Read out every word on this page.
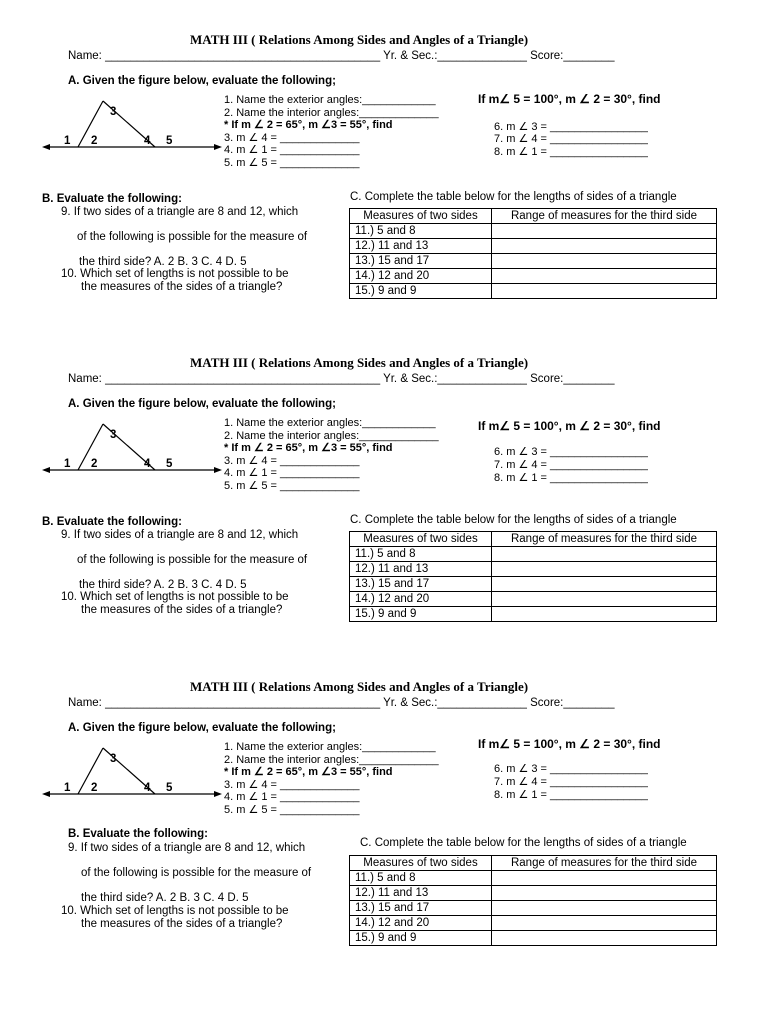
MATH III ( Relations Among Sides and Angles of a Triangle)
Name: ___________________________________________ Yr. & Sec.:______________ Score:________
A. Given the figure below, evaluate the following;
1 2
3
4 5
1. Name the exterior angles:____________
2. Name the interior angles:_____________
* If m ∠ 2 = 65°, m ∠3 = 55°, find
3. m ∠ 4 = _____________
4. m ∠ 1 = _____________
5. m ∠ 5 = _____________
If m∠ 5 = 100°, m ∠ 2 = 30°, find
6. m ∠ 3 = ________________
7. m ∠ 4 = ________________
8. m ∠ 1 = ________________
B. Evaluate the following:
9. If two sides of a triangle are 8 and 12, which
of the following is possible for the measure of
the third side? A. 2 B. 3 C. 4 D. 5
10. Which set of lengths is not possible to be
the measures of the sides of a triangle?
C. Complete the table below for the lengths of sides of a triangle
Measures of two sides	Range of measures for the third side
11.) 5 and 8	
12.) 11 and 13	
13.) 15 and 17	
14.) 12 and 20	
15.) 9 and 9	
MATH III ( Relations Among Sides and Angles of a Triangle)
Name: ___________________________________________ Yr. & Sec.:______________ Score:________
A. Given the figure below, evaluate the following;
1 2
3
4 5
1. Name the exterior angles:____________
2. Name the interior angles:_____________
* If m ∠ 2 = 65°, m ∠3 = 55°, find
3. m ∠ 4 = _____________
4. m ∠ 1 = _____________
5. m ∠ 5 = _____________
If m∠ 5 = 100°, m ∠ 2 = 30°, find
6. m ∠ 3 = ________________
7. m ∠ 4 = ________________
8. m ∠ 1 = ________________
B. Evaluate the following:
9. If two sides of a triangle are 8 and 12, which
of the following is possible for the measure of
the third side? A. 2 B. 3 C. 4 D. 5
10. Which set of lengths is not possible to be
the measures of the sides of a triangle?
C. Complete the table below for the lengths of sides of a triangle
Measures of two sides	Range of measures for the third side
11.) 5 and 8	
12.) 11 and 13	
13.) 15 and 17	
14.) 12 and 20	
15.) 9 and 9	
MATH III ( Relations Among Sides and Angles of a Triangle)
Name: ___________________________________________ Yr. & Sec.:______________ Score:________
A. Given the figure below, evaluate the following;
1 2
3
4 5
1. Name the exterior angles:____________
2. Name the interior angles:_____________
* If m ∠ 2 = 65°, m ∠3 = 55°, find
3. m ∠ 4 = _____________
4. m ∠ 1 = _____________
5. m ∠ 5 = _____________
If m∠ 5 = 100°, m ∠ 2 = 30°, find
6. m ∠ 3 = ________________
7. m ∠ 4 = ________________
8. m ∠ 1 = ________________
B. Evaluate the following:
9. If two sides of a triangle are 8 and 12, which
of the following is possible for the measure of
the third side? A. 2 B. 3 C. 4 D. 5
10. Which set of lengths is not possible to be
the measures of the sides of a triangle?
C. Complete the table below for the lengths of sides of a triangle
Measures of two sides	Range of measures for the third side
11.) 5 and 8	
12.) 11 and 13	
13.) 15 and 17	
14.) 12 and 20	
15.) 9 and 9	
